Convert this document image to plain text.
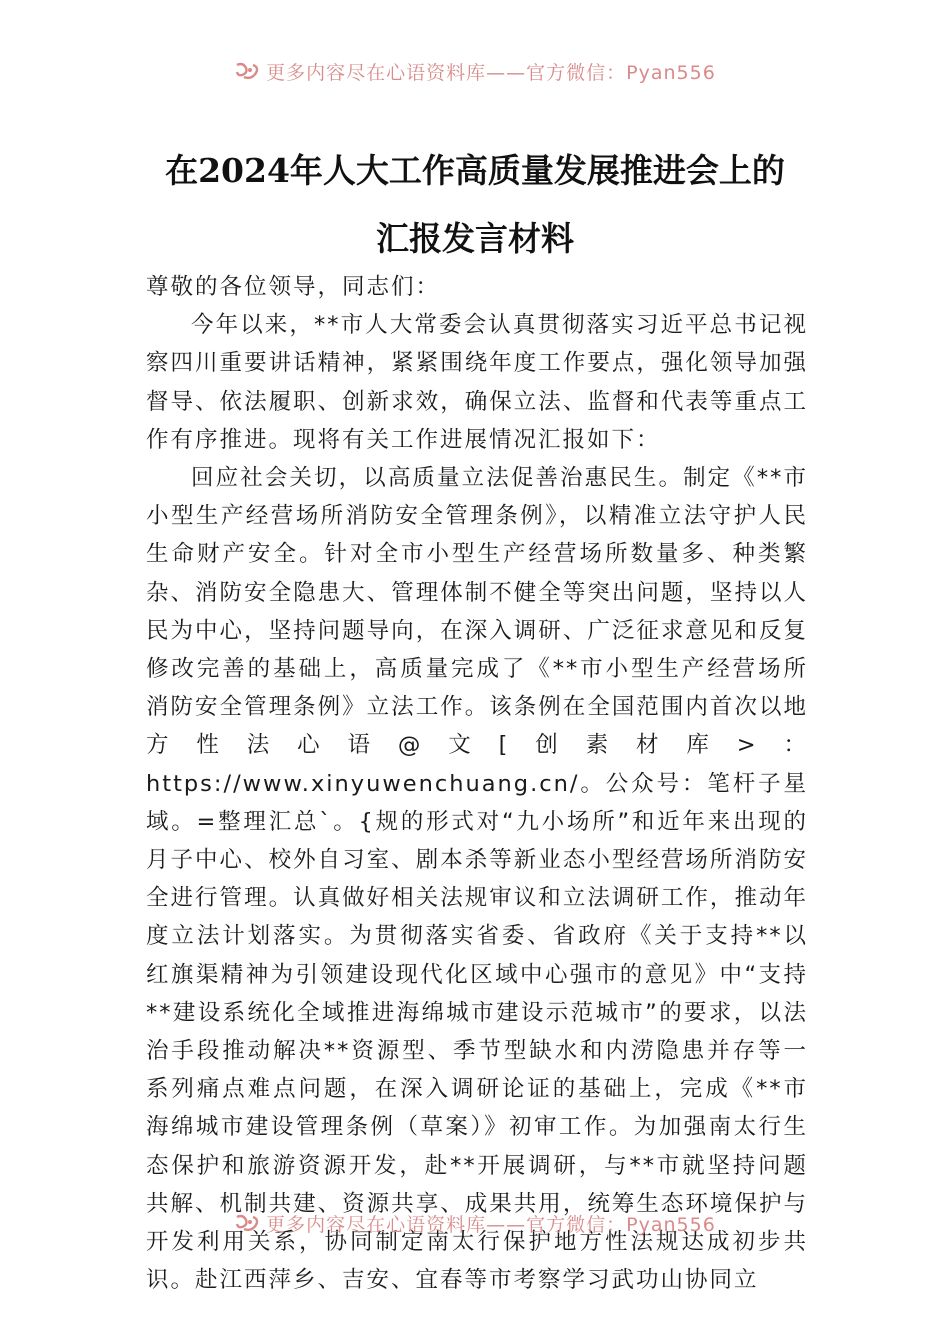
更多内容尽在心语资料库——官方微信：Pyan556
在2024年人大工作高质量发展推进会上的
汇报发言材料

尊敬的各位领导，同志们：

今年以来，**市人大常委会认真贯彻落实习近平总书记视察四川重要讲话精神，紧紧围绕年度工作要点，强化领导加强督导、依法履职、创新求效，确保立法、监督和代表等重点工作有序推进。现将有关工作进展情况汇报如下：

回应社会关切，以高质量立法促善治惠民生。制定《**市小型生产经营场所消防安全管理条例》，以精准立法守护人民生命财产安全。针对全市小型生产经营场所数量多、种类繁杂、消防安全隐患大、管理体制不健全等突出问题，坚持以人民为中心，坚持问题导向，在深入调研、广泛征求意见和反复修改完善的基础上，高质量完成了《**市小型生产经营场所消防安全管理条例》立法工作。该条例在全国范围内首次以地方性法心语@文[创素材库>：https://www.xinyuwenchuang.cn/。公众号：笔杆子星域。=整理汇总`。{规的形式对“九小场所”和近年来出现的月子中心、校外自习室、剧本杀等新业态小型经营场所消防安全进行管理。认真做好相关法规审议和立法调研工作，推动年度立法计划落实。为贯彻落实省委、省政府《关于支持**以红旗渠精神为引领建设现代化区域中心强市的意见》中“支持**建设系统化全域推进海绵城市建设示范城市”的要求，以法治手段推动解决**资源型、季节型缺水和内涝隐患并存等一系列痛点难点问题，在深入调研论证的基础上，完成《**市海绵城市建设管理条例（草案）》初审工作。为加强南太行生态保护和旅游资源开发，赴**开展调研，与**市就坚持问题共解、机制共建、资源共享、成果共用，统筹生态环境保护与开发利用关系，协同制定南太行保护地方性法规达成初步共识。赴江西萍乡、吉安、宜春等市考察学习武功山协同立

更多内容尽在心语资料库——官方微信：Pyan556
